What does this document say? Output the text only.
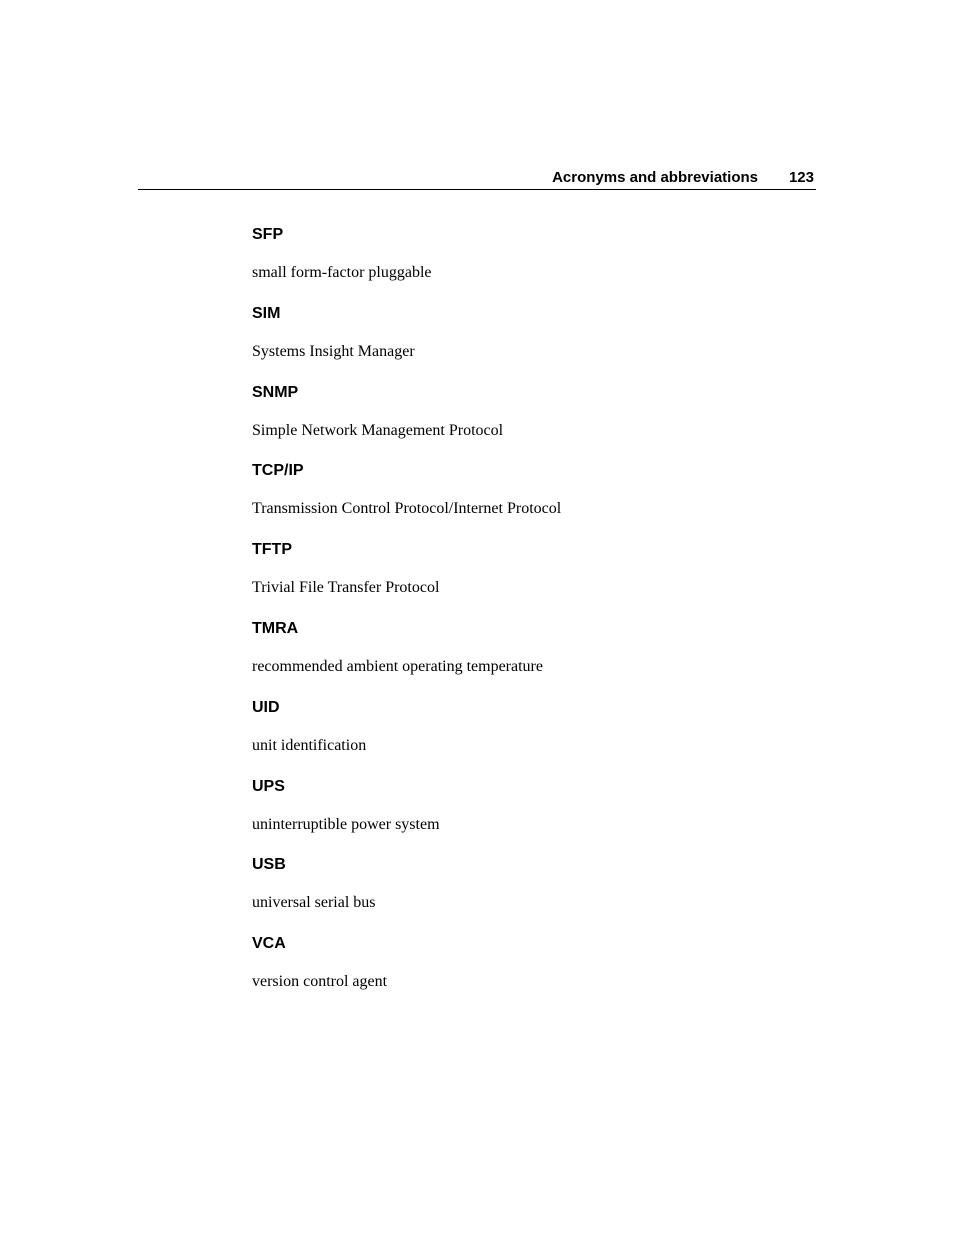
Acronyms and abbreviations 123
SFP
small form-factor pluggable
SIM
Systems Insight Manager
SNMP
Simple Network Management Protocol
TCP/IP
Transmission Control Protocol/Internet Protocol
TFTP
Trivial File Transfer Protocol
TMRA
recommended ambient operating temperature
UID
unit identification
UPS
uninterruptible power system
USB
universal serial bus
VCA
version control agent
